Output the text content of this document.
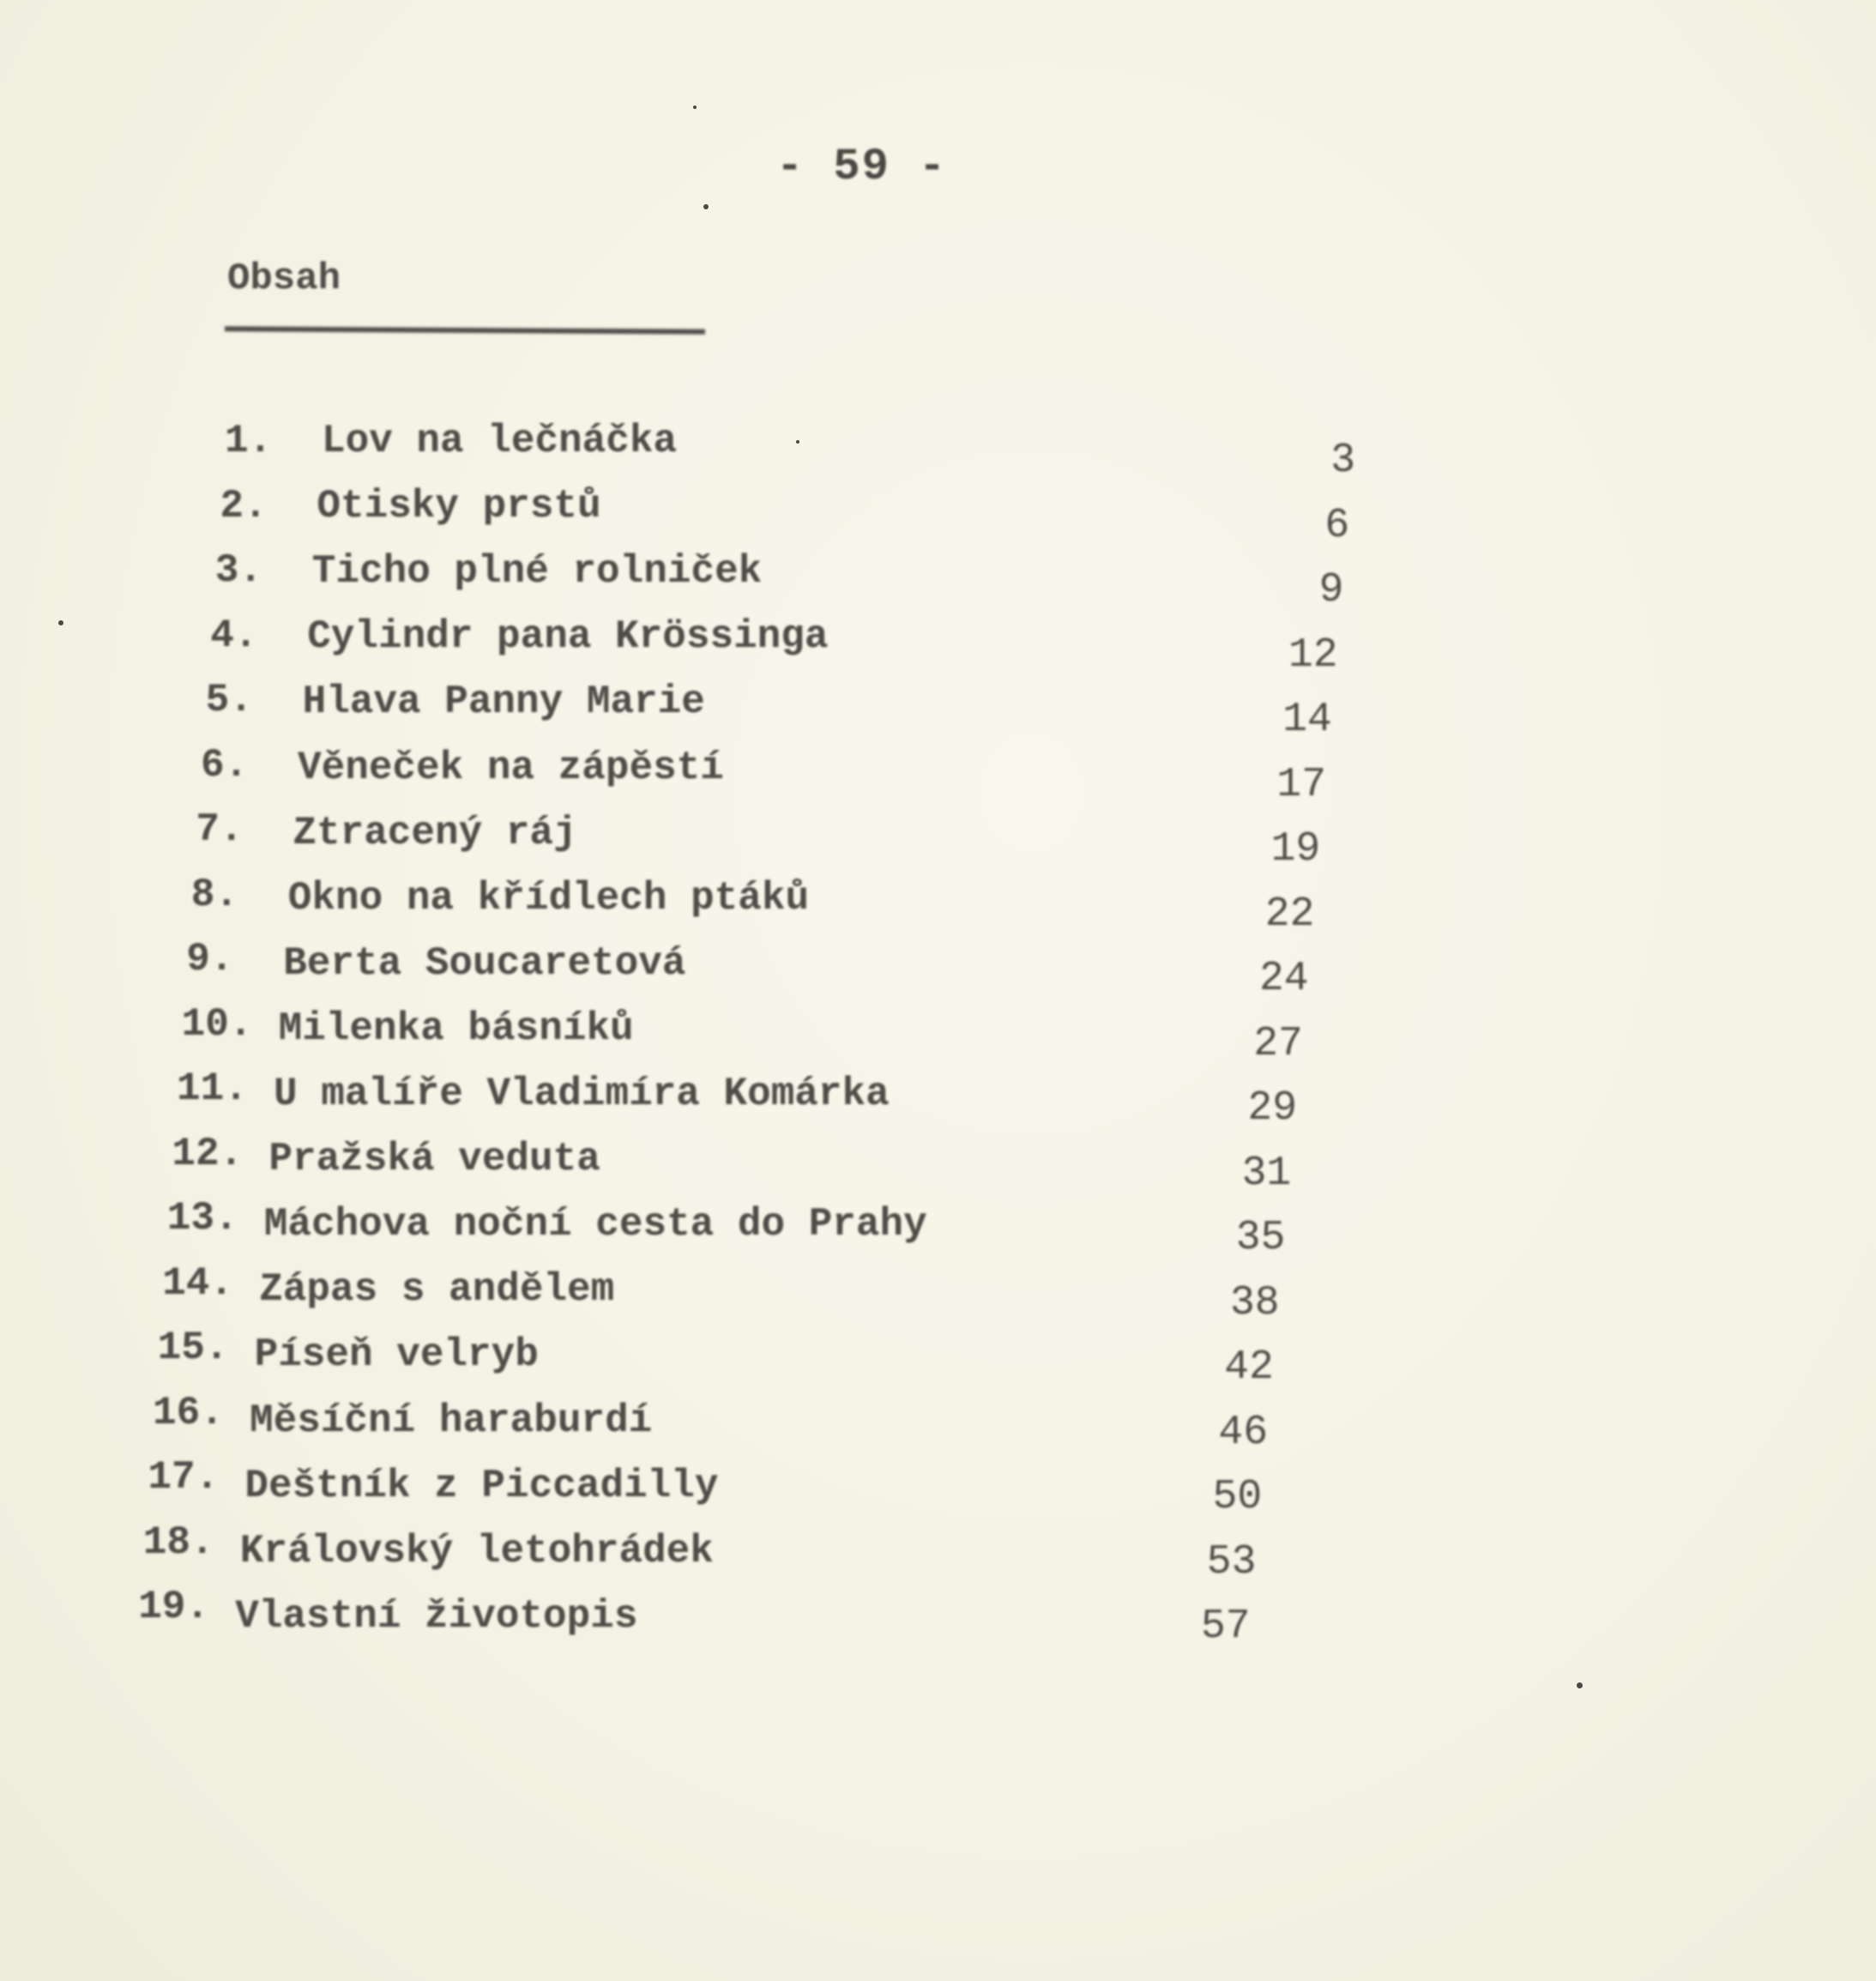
- 59 -
Obsah
1. Lov na lečnáčka	3
2. Otisky prstů	6
3. Ticho plné rolniček	9
4. Cylindr pana Krössinga	12
5. Hlava Panny Marie	14
6. Věneček na zápěstí	17
7. Ztracený ráj	19
8. Okno na křídlech ptáků	22
9. Berta Soucaretová	24
10. Milenka básníků	27
11. U malíře Vladimíra Komárka	29
12. Pražská veduta	31
13. Máchova noční cesta do Prahy	35
14. Zápas s andělem	38
15. Píseň velryb	42
16. Měsíční haraburdí	46
17. Deštník z Piccadilly	50
18. Královský letohrádek	53
19. Vlastní životopis	57
